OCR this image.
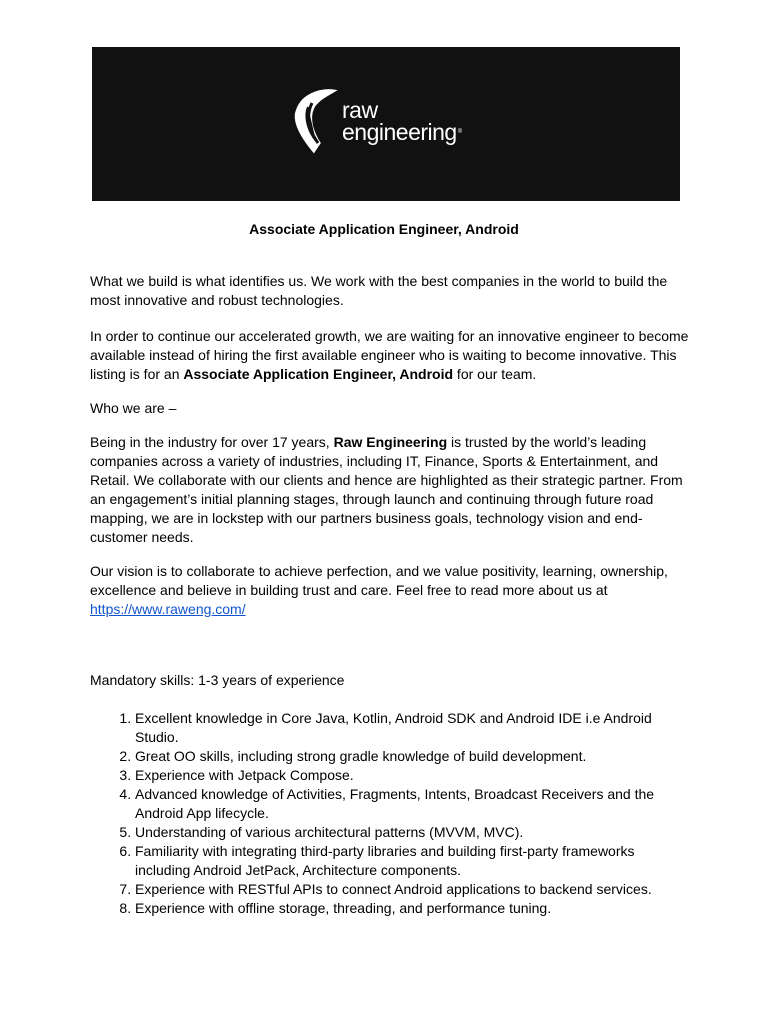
raw
engineering®

Associate Application Engineer, Android

What we build is what identifies us. We work with the best companies in the world to build the most innovative and robust technologies.

In order to continue our accelerated growth, we are waiting for an innovative engineer to become available instead of hiring the first available engineer who is waiting to become innovative. This listing is for an Associate Application Engineer, Android for our team.

Who we are –

Being in the industry for over 17 years, Raw Engineering is trusted by the world’s leading companies across a variety of industries, including IT, Finance, Sports & Entertainment, and Retail. We collaborate with our clients and hence are highlighted as their strategic partner. From an engagement’s initial planning stages, through launch and continuing through future road mapping, we are in lockstep with our partners business goals, technology vision and end-customer needs.

Our vision is to collaborate to achieve perfection, and we value positivity, learning, ownership, excellence and believe in building trust and care. Feel free to read more about us at https://www.raweng.com/

Mandatory skills: 1-3 years of experience

1. Excellent knowledge in Core Java, Kotlin, Android SDK and Android IDE i.e Android Studio.
2. Great OO skills, including strong gradle knowledge of build development.
3. Experience with Jetpack Compose.
4. Advanced knowledge of Activities, Fragments, Intents, Broadcast Receivers and the Android App lifecycle.
5. Understanding of various architectural patterns (MVVM, MVC).
6. Familiarity with integrating third-party libraries and building first-party frameworks including Android JetPack, Architecture components.
7. Experience with RESTful APIs to connect Android applications to backend services.
8. Experience with offline storage, threading, and performance tuning.
